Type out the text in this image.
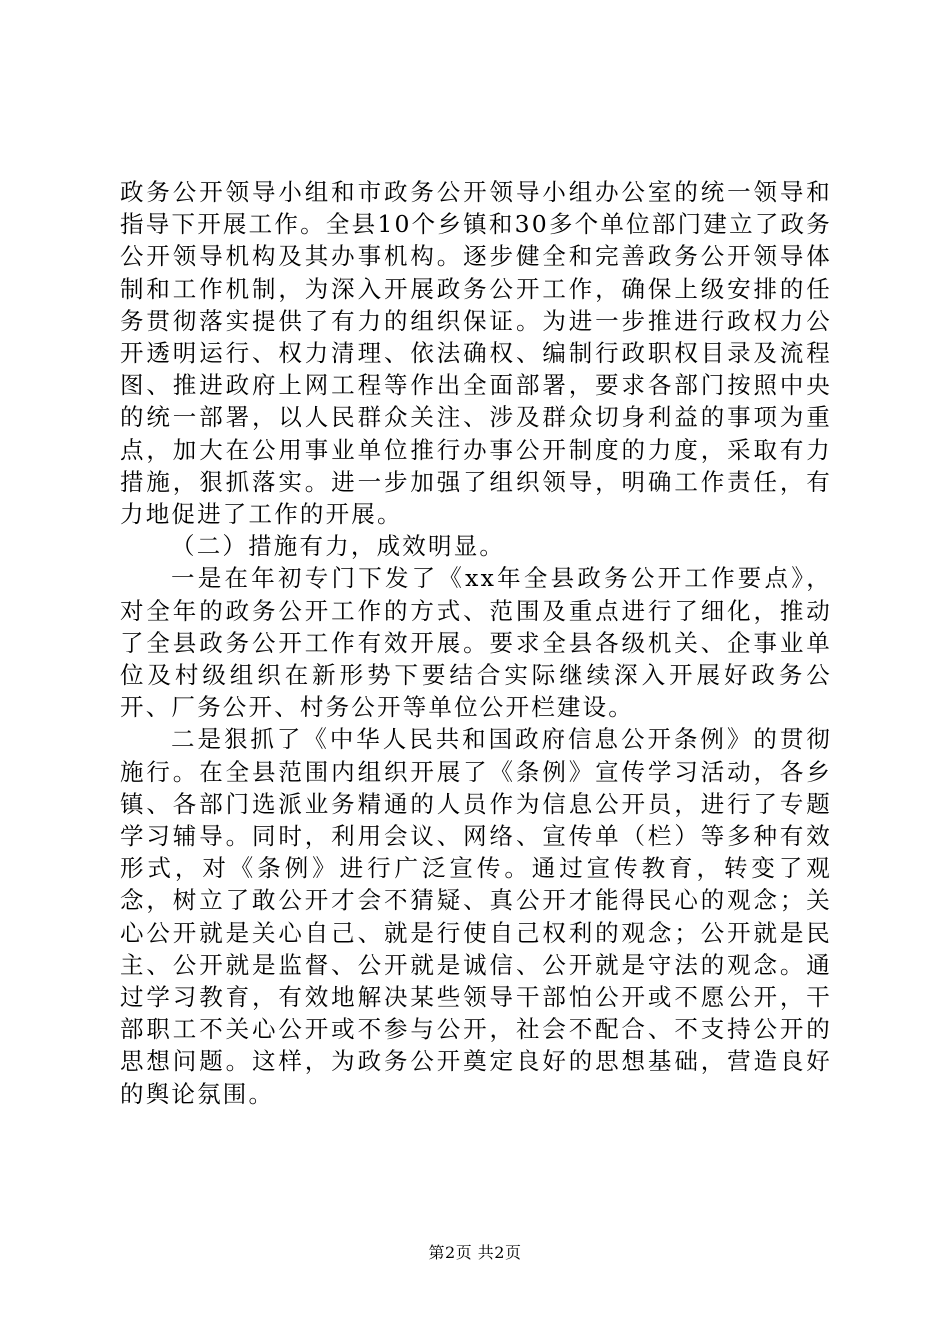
政务公开领导小组和市政务公开领导小组办公室的统一领导和指导下开展工作。全县10个乡镇和30多个单位部门建立了政务公开领导机构及其办事机构。逐步健全和完善政务公开领导体制和工作机制，为深入开展政务公开工作，确保上级安排的任务贯彻落实提供了有力的组织保证。为进一步推进行政权力公开透明运行、权力清理、依法确权、编制行政职权目录及流程图、推进政府上网工程等作出全面部署，要求各部门按照中央的统一部署，以人民群众关注、涉及群众切身利益的事项为重点，加大在公用事业单位推行办事公开制度的力度，采取有力措施，狠抓落实。进一步加强了组织领导，明确工作责任，有力地促进了工作的开展。

（二）措施有力，成效明显。

一是在年初专门下发了《xx年全县政务公开工作要点》，对全年的政务公开工作的方式、范围及重点进行了细化，推动了全县政务公开工作有效开展。要求全县各级机关、企事业单位及村级组织在新形势下要结合实际继续深入开展好政务公开、厂务公开、村务公开等单位公开栏建设。

二是狠抓了《中华人民共和国政府信息公开条例》的贯彻施行。在全县范围内组织开展了《条例》宣传学习活动，各乡镇、各部门选派业务精通的人员作为信息公开员，进行了专题学习辅导。同时，利用会议、网络、宣传单（栏）等多种有效形式，对《条例》进行广泛宣传。通过宣传教育，转变了观念，树立了敢公开才会不猜疑、真公开才能得民心的观念；关心公开就是关心自己、就是行使自己权利的观念；公开就是民主、公开就是监督、公开就是诚信、公开就是守法的观念。通过学习教育，有效地解决某些领导干部怕公开或不愿公开，干部职工不关心公开或不参与公开，社会不配合、不支持公开的思想问题。这样，为政务公开奠定良好的思想基础，营造良好的舆论氛围。

第2页 共2页
